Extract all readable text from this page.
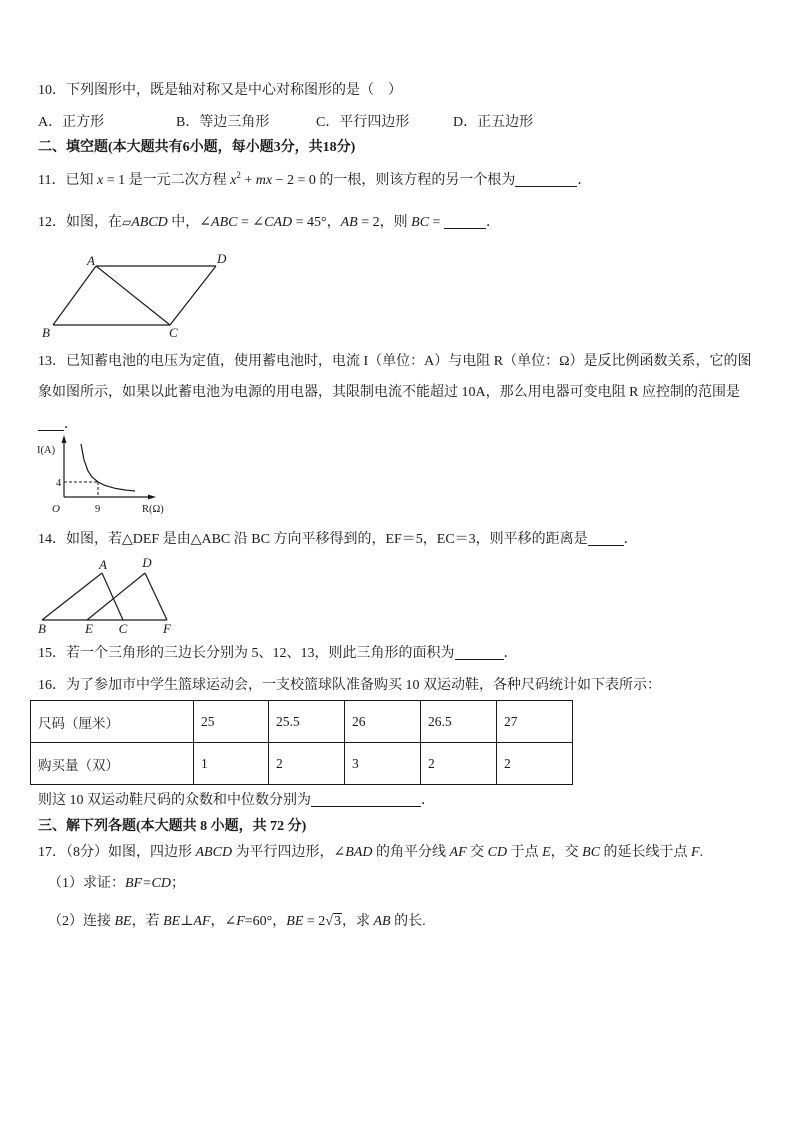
10．下列图形中，既是轴对称又是中心对称图形的是（　）
A．正方形	B．等边三角形	C．平行四边形	D．正五边形
二、填空题(本大题共有6小题，每小题3分，共18分)
11．已知 x = 1 是一元二次方程 $x^2$ + mx − 2 = 0 的一根，则该方程的另一个根为	．
12．如图，在▱ABCD 中，∠ABC = ∠CAD = 45°，AB = 2，则 BC =	．
A	D
B	C
13．已知蓄电池的电压为定值，使用蓄电池时，电流 I（单位：A）与电阻 R（单位：Ω）是反比例函数关系，它的图
象如图所示，如果以此蓄电池为电源的用电器，其限制电流不能超过 10A，那么用电器可变电阻 R 应控制的范围是
．
I(A)
4
O	9	R(Ω)
14．如图，若△DEF 是由△ABC 沿 BC 方向平移得到的，EF＝5，EC＝3，则平移的距离是	．
A	D
B	E C	F
15．若一个三角形的三边长分别为 5、12、13，则此三角形的面积为	．
16．为了参加市中学生篮球运动会，一支校篮球队准备购买 10 双运动鞋，各种尺码统计如下表所示：
尺码（厘米）	25	25.5	26	26.5	27
购买量（双）	1	2	3	2	2
则这 10 双运动鞋尺码的众数和中位数分别为	．
三、解下列各题(本大题共 8 小题，共 72 分)
17．（8分）如图，四边形 ABCD 为平行四边形，∠BAD 的角平分线 AF 交 CD 于点 E，交 BC 的延长线于点 F.
（1）求证：BF=CD；
（2）连接 BE，若 BE⊥AF，∠F=60°，BE = 2√3，求 AB 的长.
